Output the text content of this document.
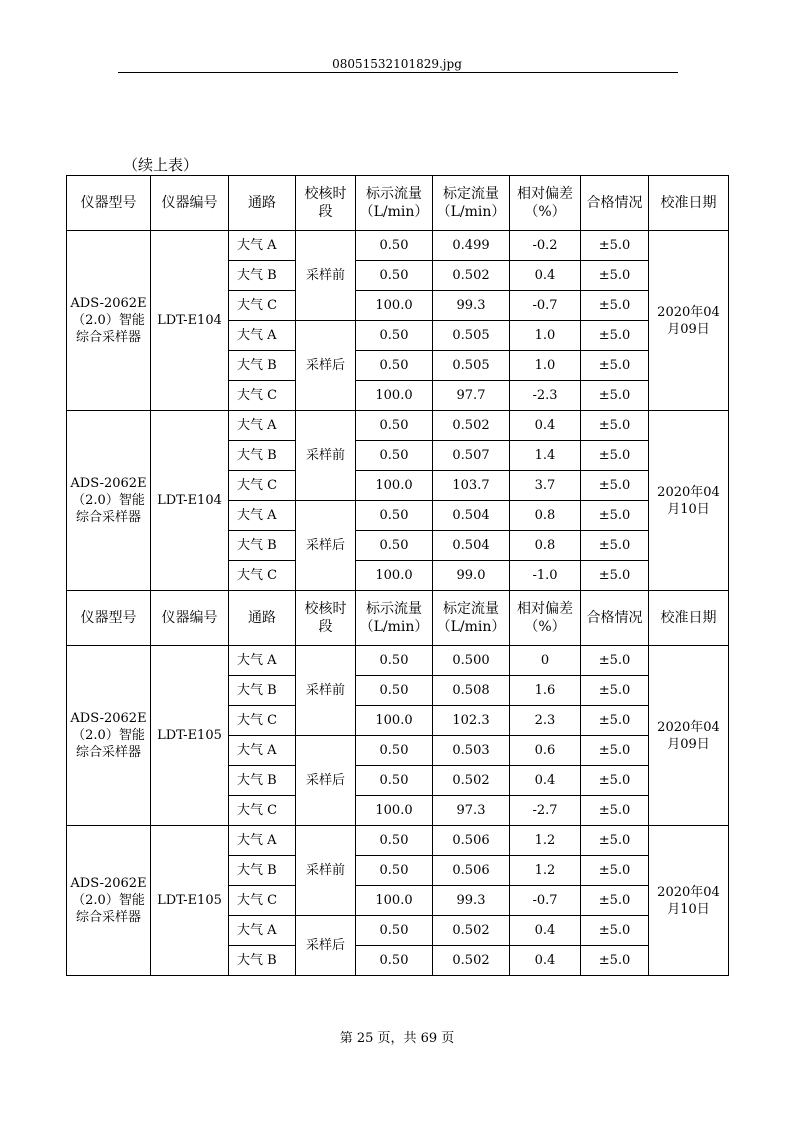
08051532101829.jpg
（续上表）
仪器型号	仪器编号	通路	校核时段	标示流量（L/min）	标定流量（L/min）	相对偏差（%）	合格情况	校准日期
ADS-2062E（2.0）智能综合采样器	LDT-E104	大气 A	采样前	0.50	0.499	-0.2	±5.0	2020年04月09日
		大气 B		0.50	0.502	0.4	±5.0	
		大气 C		100.0	99.3	-0.7	±5.0	
		大气 A	采样后	0.50	0.505	1.0	±5.0	
		大气 B		0.50	0.505	1.0	±5.0	
		大气 C		100.0	97.7	-2.3	±5.0	
ADS-2062E（2.0）智能综合采样器	LDT-E104	大气 A	采样前	0.50	0.502	0.4	±5.0	2020年04月10日
		大气 B		0.50	0.507	1.4	±5.0	
		大气 C		100.0	103.7	3.7	±5.0	
		大气 A	采样后	0.50	0.504	0.8	±5.0	
		大气 B		0.50	0.504	0.8	±5.0	
		大气 C		100.0	99.0	-1.0	±5.0	
仪器型号	仪器编号	通路	校核时段	标示流量（L/min）	标定流量（L/min）	相对偏差（%）	合格情况	校准日期
ADS-2062E（2.0）智能综合采样器	LDT-E105	大气 A	采样前	0.50	0.500	0	±5.0	2020年04月09日
		大气 B		0.50	0.508	1.6	±5.0	
		大气 C		100.0	102.3	2.3	±5.0	
		大气 A	采样后	0.50	0.503	0.6	±5.0	
		大气 B		0.50	0.502	0.4	±5.0	
		大气 C		100.0	97.3	-2.7	±5.0	
ADS-2062E（2.0）智能综合采样器	LDT-E105	大气 A	采样前	0.50	0.506	1.2	±5.0	2020年04月10日
		大气 B		0.50	0.506	1.2	±5.0	
		大气 C		100.0	99.3	-0.7	±5.0	
		大气 A	采样后	0.50	0.502	0.4	±5.0	
		大气 B		0.50	0.502	0.4	±5.0	
第 25 页，共 69 页
